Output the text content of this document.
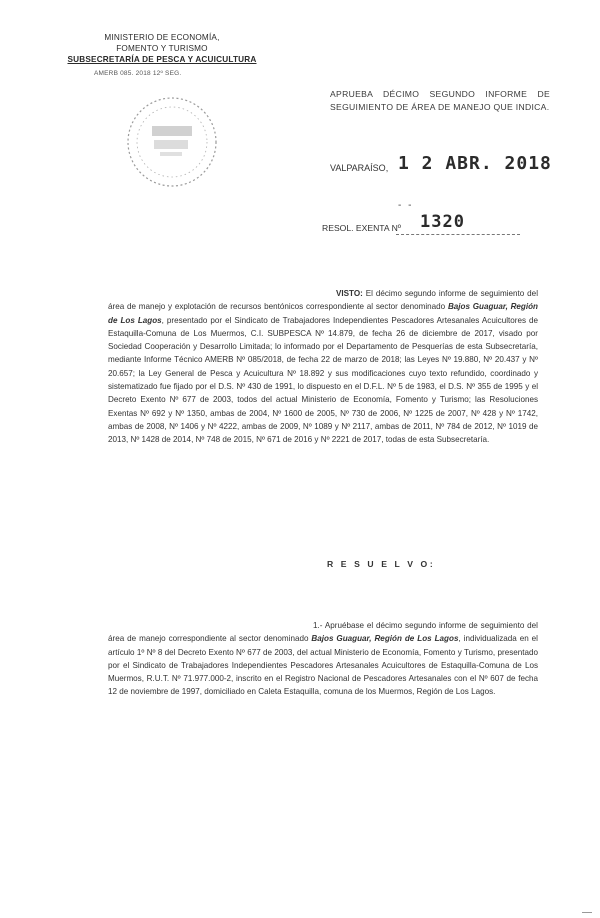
MINISTERIO DE ECONOMÍA,
FOMENTO Y TURISMO
SUBSECRETARÍA DE PESCA Y ACUICULTURA
AMERB 085. 2018 12º SEG.
APRUEBA DÉCIMO SEGUNDO INFORME DE SEGUIMIENTO DE ÁREA DE MANEJO QUE INDICA.
VALPARAÍSO, 1 2 ABR. 2018
- -
RESOL. EXENTA Nº 1320
VISTO: El décimo segundo informe de seguimiento del área de manejo y explotación de recursos bentónicos correspondiente al sector denominado Bajos Guaguar, Región de Los Lagos, presentado por el Sindicato de Trabajadores Independientes Pescadores Artesanales Acuicultores de Estaquilla-Comuna de Los Muermos, C.I. SUBPESCA Nº 14.879, de fecha 26 de diciembre de 2017, visado por Sociedad Cooperación y Desarrollo Limitada; lo informado por el Departamento de Pesquerías de esta Subsecretaría, mediante Informe Técnico AMERB Nº 085/2018, de fecha 22 de marzo de 2018; las Leyes Nº 19.880, Nº 20.437 y Nº 20.657; la Ley General de Pesca y Acuicultura Nº 18.892 y sus modificaciones cuyo texto refundido, coordinado y sistematizado fue fijado por el D.S. Nº 430 de 1991, lo dispuesto en el D.F.L. Nº 5 de 1983, el D.S. Nº 355 de 1995 y el Decreto Exento Nº 677 de 2003, todos del actual Ministerio de Economía, Fomento y Turismo; las Resoluciones Exentas Nº 692 y Nº 1350, ambas de 2004, Nº 1600 de 2005, Nº 730 de 2006, Nº 1225 de 2007, Nº 428 y Nº 1742, ambas de 2008, Nº 1406 y Nº 4222, ambas de 2009, Nº 1089 y Nº 2117, ambas de 2011, Nº 784 de 2012, Nº 1019 de 2013, Nº 1428 de 2014, Nº 748 de 2015, Nº 671 de 2016 y Nº 2221 de 2017, todas de esta Subsecretaría.
R E S U E L V O:
1.- Apruébase el décimo segundo informe de seguimiento del área de manejo correspondiente al sector denominado Bajos Guaguar, Región de Los Lagos, individualizada en el artículo 1º Nº 8 del Decreto Exento Nº 677 de 2003, del actual Ministerio de Economía, Fomento y Turismo, presentado por el Sindicato de Trabajadores Independientes Pescadores Artesanales Acuicultores de Estaquilla-Comuna de Los Muermos, R.U.T. Nº 71.977.000-2, inscrito en el Registro Nacional de Pescadores Artesanales con el Nº 607 de fecha 12 de noviembre de 1997, domiciliado en Caleta Estaquilla, comuna de los Muermos, Región de Los Lagos.
